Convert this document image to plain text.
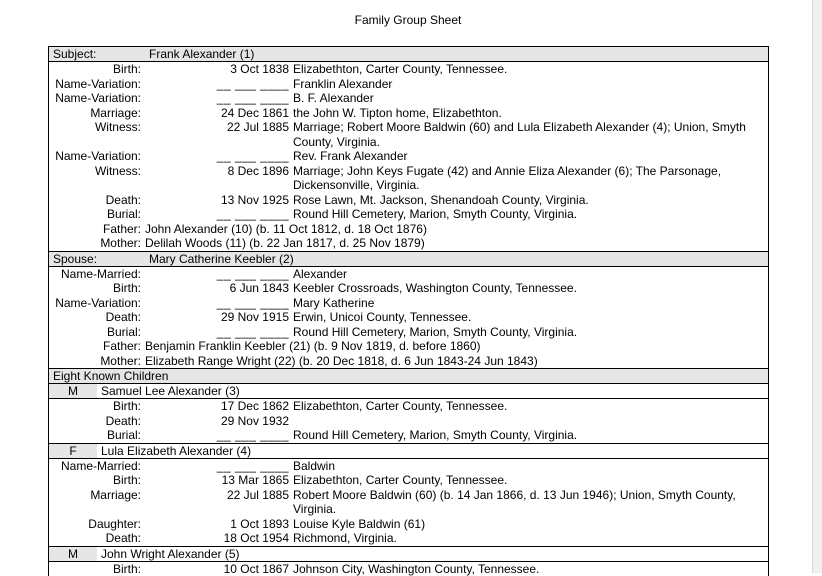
Family Group Sheet
Subject:	Frank Alexander (1)
Birth:	3 Oct 1838 Elizabethton, Carter County, Tennessee.
Name-Variation:	__ ___ ____ Franklin Alexander
Name-Variation:	__ ___ ____ B. F. Alexander
Marriage:	24 Dec 1861 the John W. Tipton home, Elizabethton.
Witness:	22 Jul 1885 Marriage; Robert Moore Baldwin (60) and Lula Elizabeth Alexander (4); Union, Smyth County, Virginia.
Name-Variation:	__ ___ ____ Rev. Frank Alexander
Witness:	8 Dec 1896 Marriage; John Keys Fugate (42) and Annie Eliza Alexander (6); The Parsonage, Dickensonville, Virginia.
Death:	13 Nov 1925 Rose Lawn, Mt. Jackson, Shenandoah County, Virginia.
Burial:	__ ___ ____ Round Hill Cemetery, Marion, Smyth County, Virginia.
Father: John Alexander (10) (b. 11 Oct 1812, d. 18 Oct 1876)
Mother: Delilah Woods (11) (b. 22 Jan 1817, d. 25 Nov 1879)
Spouse:	Mary Catherine Keebler (2)
Name-Married:	__ ___ ____ Alexander
Birth:	6 Jun 1843 Keebler Crossroads, Washington County, Tennessee.
Name-Variation:	__ ___ ____ Mary Katherine
Death:	29 Nov 1915 Erwin, Unicoi County, Tennessee.
Burial:	__ ___ ____ Round Hill Cemetery, Marion, Smyth County, Virginia.
Father: Benjamin Franklin Keebler (21) (b. 9 Nov 1819, d. before 1860)
Mother: Elizabeth Range Wright (22) (b. 20 Dec 1818, d. 6 Jun 1843-24 Jun 1843)
Eight Known Children
M	Samuel Lee Alexander (3)
Birth:	17 Dec 1862 Elizabethton, Carter County, Tennessee.
Death:	29 Nov 1932
Burial:	__ ___ ____ Round Hill Cemetery, Marion, Smyth County, Virginia.
F	Lula Elizabeth Alexander (4)
Name-Married:	__ ___ ____ Baldwin
Birth:	13 Mar 1865 Elizabethton, Carter County, Tennessee.
Marriage:	22 Jul 1885 Robert Moore Baldwin (60) (b. 14 Jan 1866, d. 13 Jun 1946); Union, Smyth County, Virginia.
Daughter:	1 Oct 1893 Louise Kyle Baldwin (61)
Death:	18 Oct 1954 Richmond, Virginia.
M	John Wright Alexander (5)
Birth:	10 Oct 1867 Johnson City, Washington County, Tennessee.
